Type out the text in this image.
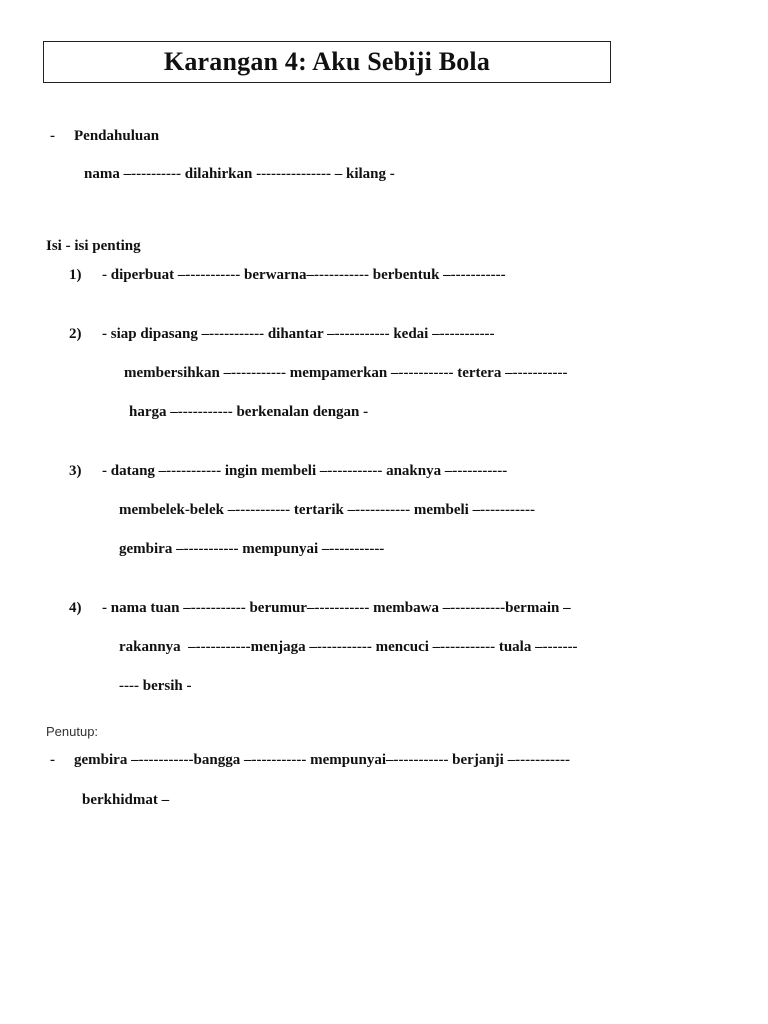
Karangan 4: Aku Sebiji Bola
- Pendahuluan
nama –---------- dilahirkan --------------- – kilang -
Isi - isi penting
1) - diperbuat –----------- berwarna–----------- berbentuk –-----------
2) - siap dipasang –----------- dihantar –----------- kedai –-----------
membersihkan –----------- mempamerkan –----------- tertera –-----------
harga –----------- berkenalan dengan -
3) - datang –----------- ingin membeli –----------- anaknya –-----------
membelek-belek –----------- tertarik –----------- membeli –-----------
gembira –----------- mempunyai –-----------
4) - nama tuan –----------- berumur–----------- membawa –-----------bermain –
rakannya  –-----------menjaga –----------- mencuci –----------- tuala –-------
---- bersih -
Penutup:
- gembira –-----------bangga –----------- mempunyai–----------- berjanji –-----------
berkhidmat –
